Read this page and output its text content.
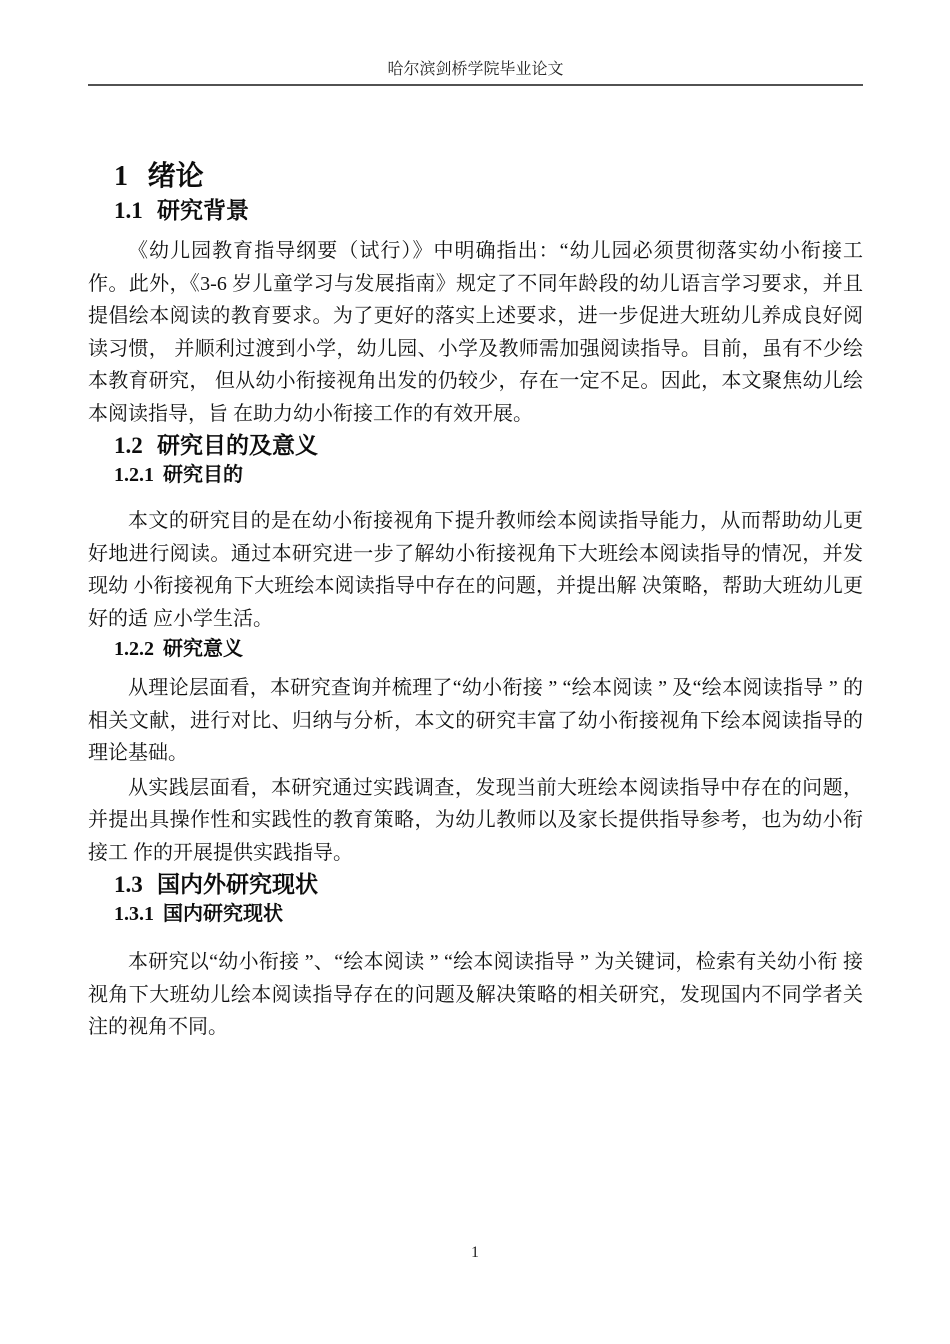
哈尔滨剑桥学院毕业论文
1 绪论
1.1 研究背景

《幼儿园教育指导纲要（试行）》中明确指出：“幼儿园必须贯彻落实幼小衔接工作。此外，《3-6 岁儿童学习与发展指南》规定了不同年龄段的幼儿语言学习要求，并且提倡绘本阅读的教育要求。为了更好的落实上述要求，进一步促进大班幼儿养成良好阅读习惯， 并顺利过渡到小学，幼儿园、小学及教师需加强阅读指导。目前，虽有不少绘本教育研究， 但从幼小衔接视角出发的仍较少，存在一定不足。因此，本文聚焦幼儿绘本阅读指导，旨 在助力幼小衔接工作的有效开展。

1.2 研究目的及意义
1.2.1 研究目的

本文的研究目的是在幼小衔接视角下提升教师绘本阅读指导能力，从而帮助幼儿更好地进行阅读。通过本研究进一步了解幼小衔接视角下大班绘本阅读指导的情况，并发现幼 小衔接视角下大班绘本阅读指导中存在的问题，并提出解 决策略，帮助大班幼儿更好的适 应小学生活。

1.2.2 研究意义

从理论层面看，本研究查询并梳理了“幼小衔接 ” “绘本阅读 ” 及“绘本阅读指导 ” 的相关文献，进行对比、归纳与分析，本文的研究丰富了幼小衔接视角下绘本阅读指导的　理论基础。

从实践层面看，本研究通过实践调查，发现当前大班绘本阅读指导中存在的问题，并提出具操作性和实践性的教育策略，为幼儿教师以及家长提供指导参考，也为幼小衔接工 作的开展提供实践指导。

1.3 国内外研究现状
1.3.1 国内研究现状

本研究以“幼小衔接 ”、“绘本阅读 ” “绘本阅读指导 ” 为关键词，检索有关幼小衔 接视角下大班幼儿绘本阅读指导存在的问题及解决策略的相关研究，发现国内不同学者关 注的视角不同。

1
